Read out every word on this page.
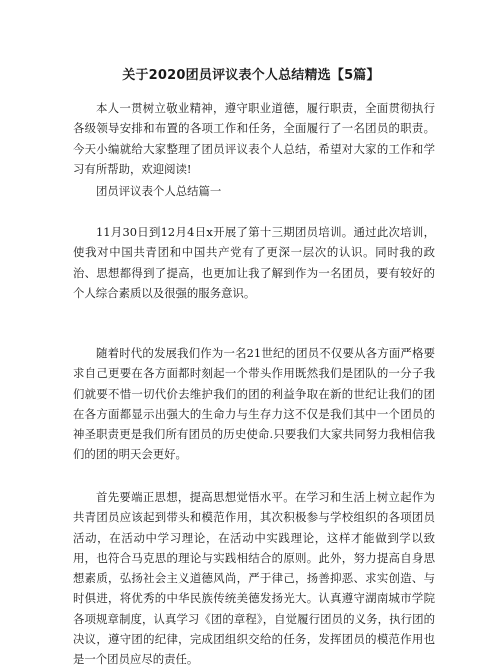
关于2020团员评议表个人总结精选【5篇】

本人一贯树立敬业精神，遵守职业道德，履行职责，全面贯彻执行各级领导安排和布置的各项工作和任务，全面履行了一名团员的职责。今天小编就给大家整理了团员评议表个人总结，希望对大家的工作和学习有所帮助，欢迎阅读!

团员评议表个人总结篇一

11月30日到12月4日x开展了第十三期团员培训。通过此次培训，使我对中国共青团和中国共产党有了更深一层次的认识。同时我的政治、思想都得到了提高，也更加让我了解到作为一名团员，要有较好的个人综合素质以及很强的服务意识。

随着时代的发展我们作为一名21世纪的团员不仅要从各方面严格要求自己更要在各方面都时刻起一个带头作用既然我们是团队的一分子我们就要不惜一切代价去维护我们的团的利益争取在新的世纪让我们的团在各方面都显示出强大的生命力与生存力这不仅是我们其中一个团员的神圣职责更是我们所有团员的历史使命.只要我们大家共同努力我相信我们的团的明天会更好。

首先要端正思想，提高思想觉悟水平。在学习和生活上树立起作为共青团员应该起到带头和模范作用，其次积极参与学校组织的各项团员活动，在活动中学习理论，在活动中实践理论，这样才能做到学以致用，也符合马克思的理论与实践相结合的原则。此外，努力提高自身思想素质，弘扬社会主义道德风尚，严于律己，扬善抑恶、求实创造、与时俱进，将优秀的中华民族传统美德发扬光大。认真遵守湖南城市学院各项规章制度，认真学习《团的章程》，自觉履行团员的义务，执行团的决议，遵守团的纪律，完成团组织交给的任务，发挥团员的模范作用也是一个团员应尽的责任。
